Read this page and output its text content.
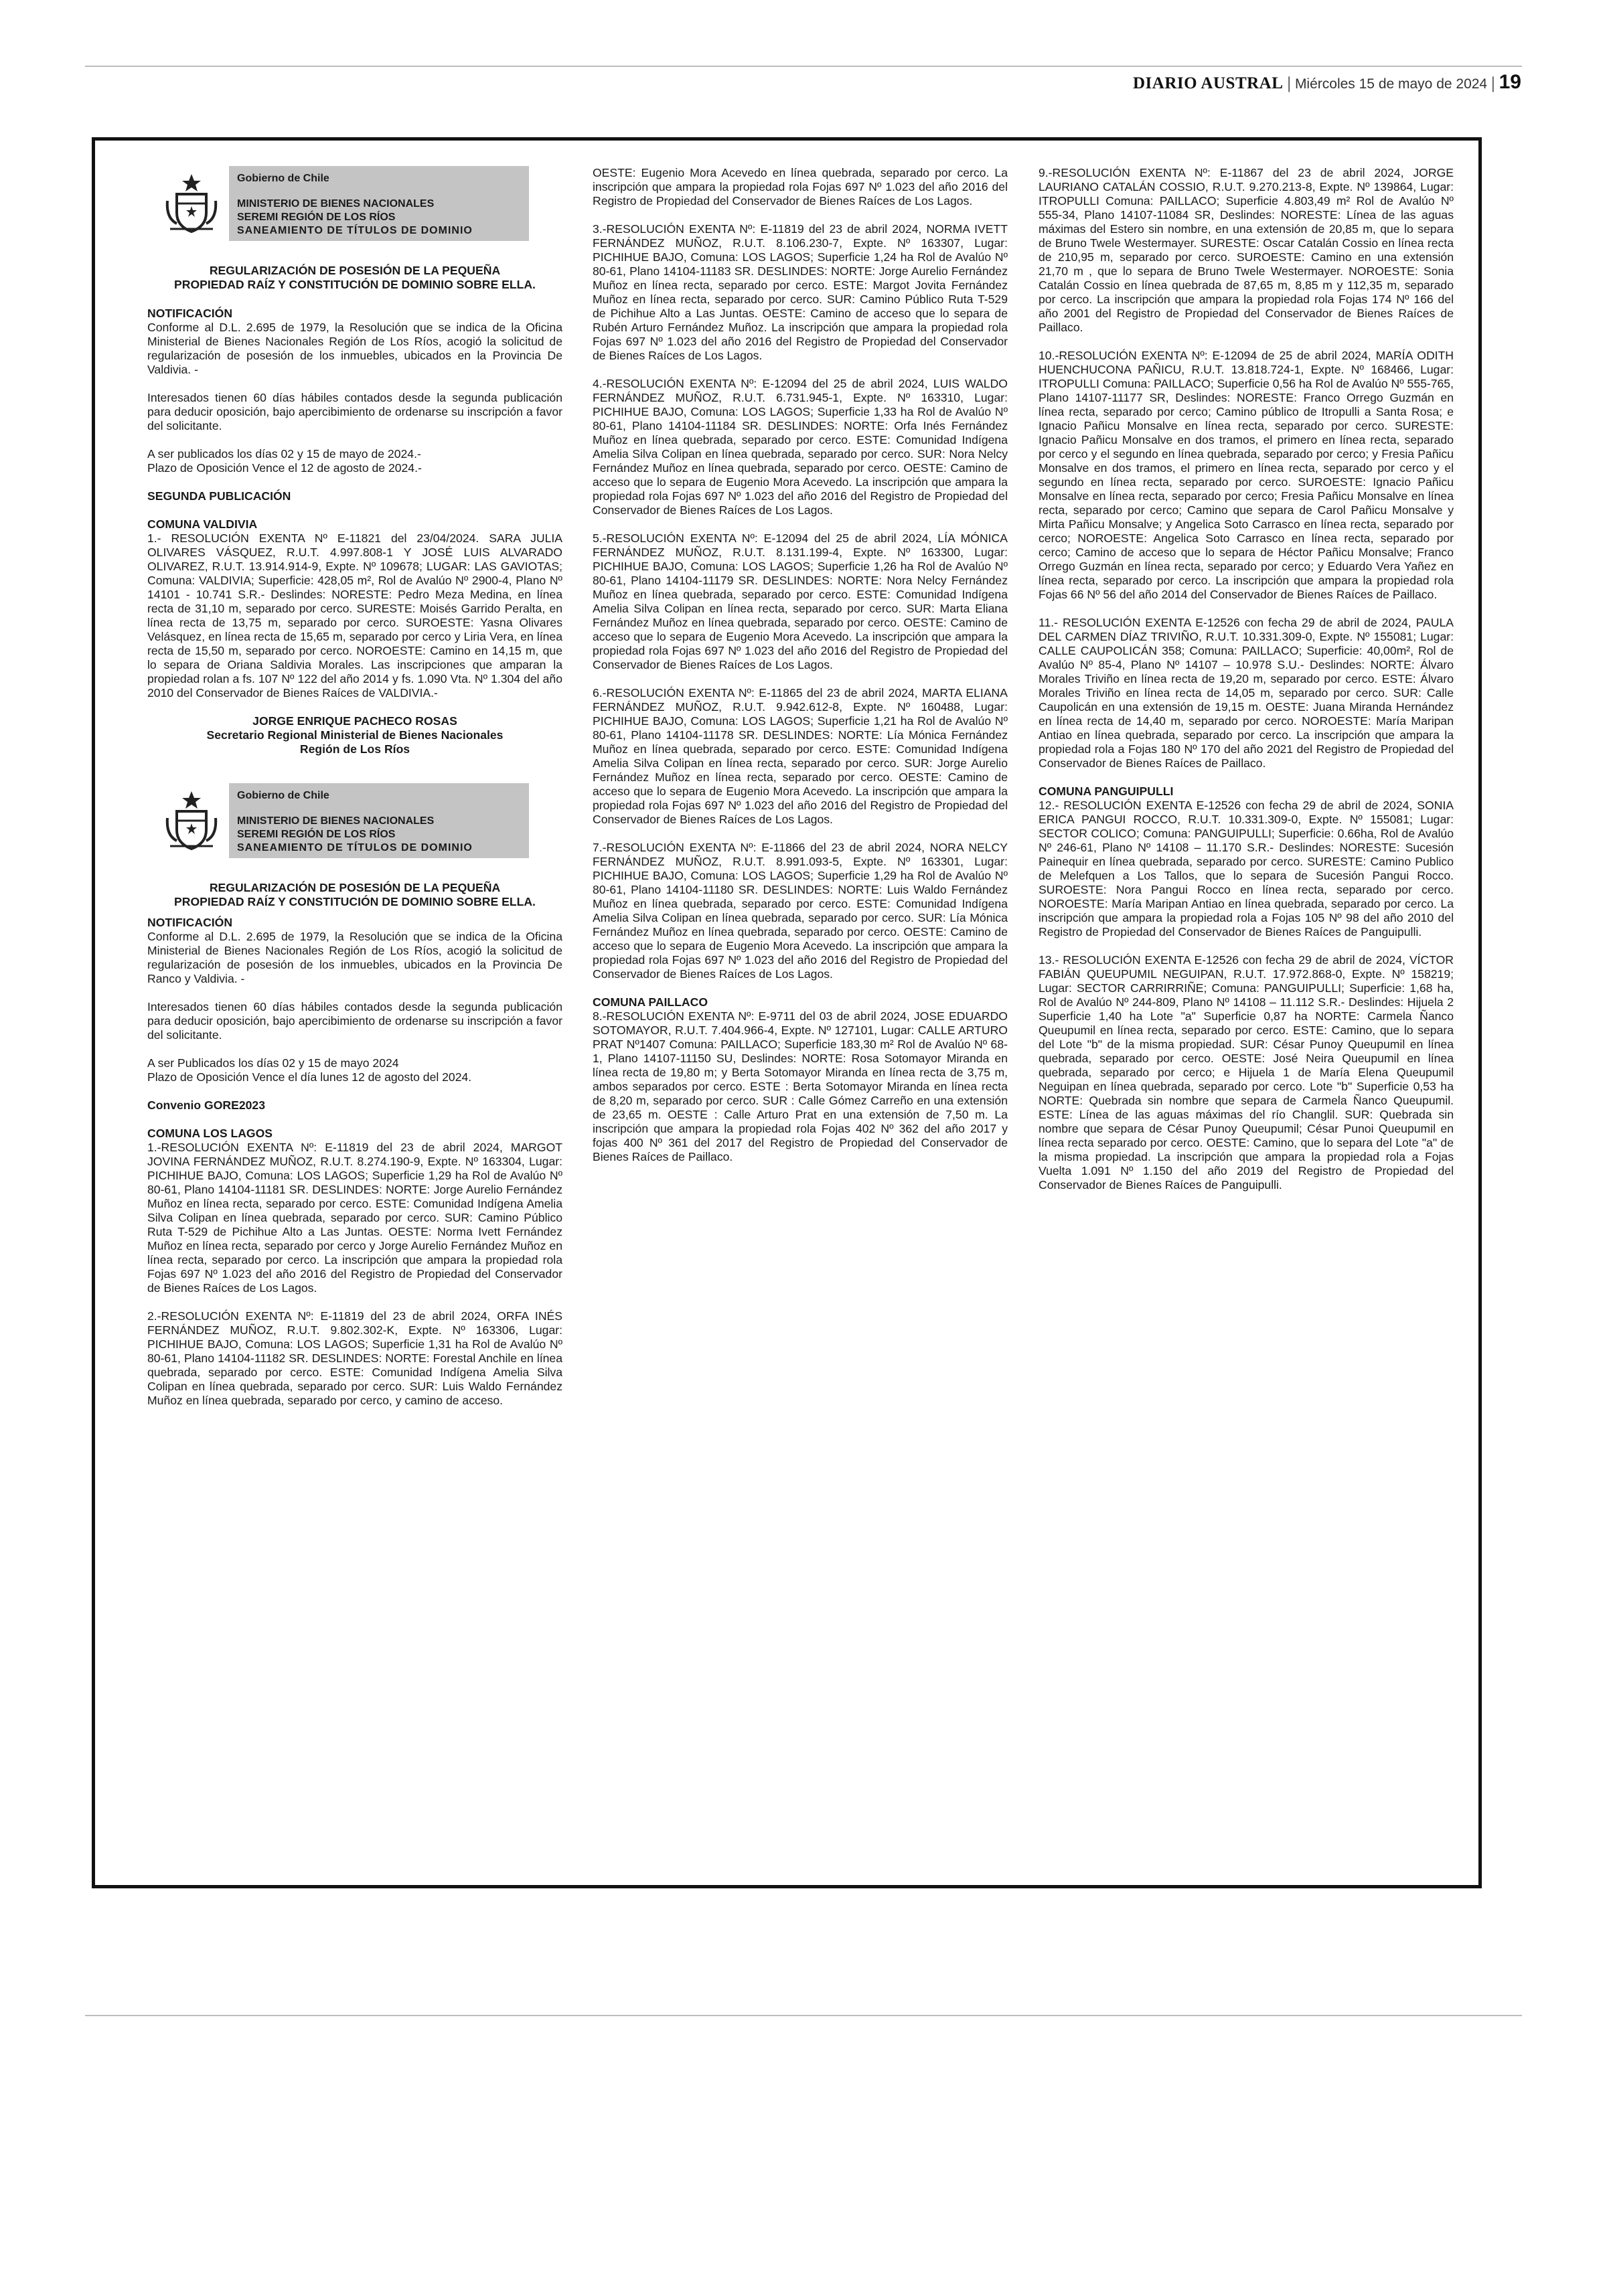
DIARIO AUSTRAL | Miércoles 15 de mayo de 2024 | 19
Gobierno de Chile
MINISTERIO DE BIENES NACIONALES
SEREMI REGIÓN DE LOS RÍOS
SANEAMIENTO DE TÍTULOS DE DOMINIO
REGULARIZACIÓN DE POSESIÓN DE LA PEQUEÑA
PROPIEDAD RAÍZ Y CONSTITUCIÓN DE DOMINIO SOBRE ELLA.
NOTIFICACIÓN

Conforme al D.L. 2.695 de 1979, la Resolución que se indica de la Oficina Ministerial de Bienes Nacionales Región de Los Ríos, acogió la solicitud de regularización de posesión de los inmuebles, ubicados en la Provincia De Valdivia. -

Interesados tienen 60 días hábiles contados desde la segunda publicación para deducir oposición, bajo apercibimiento de ordenarse su inscripción a favor del solicitante.

A ser publicados los días 02 y 15 de mayo de 2024.-

Plazo de Oposición Vence el 12 de agosto de 2024.-

SEGUNDA PUBLICACIÓN

COMUNA VALDIVIA

1.- RESOLUCIÓN EXENTA Nº E-11821 del 23/04/2024. SARA JULIA OLIVARES VÁSQUEZ, R.U.T. 4.997.808-1 Y JOSÉ LUIS ALVARADO OLIVAREZ, R.U.T. 13.914.914-9, Expte. Nº 109678; LUGAR: LAS GAVIOTAS; Comuna: VALDIVIA; Superficie: 428,05 m², Rol de Avalúo Nº 2900-4, Plano Nº 14101 - 10.741 S.R.- Deslindes: NORESTE: Pedro Meza Medina, en línea recta de 31,10 m, separado por cerco. SURESTE: Moisés Garrido Peralta, en línea recta de 13,75 m, separado por cerco. SUROESTE: Yasna Olivares Velásquez, en línea recta de 15,65 m, separado por cerco y Liria Vera, en línea recta de 15,50 m, separado por cerco. NOROESTE: Camino en 14,15 m, que lo separa de Oriana Saldivia Morales. Las inscripciones que amparan la propiedad rolan a fs. 107 Nº 122 del año 2014 y fs. 1.090 Vta. Nº 1.304 del año 2010 del Conservador de Bienes Raíces de VALDIVIA.-

JORGE ENRIQUE PACHECO ROSAS
Secretario Regional Ministerial de Bienes Nacionales
Región de Los Ríos
Gobierno de Chile
MINISTERIO DE BIENES NACIONALES
SEREMI REGIÓN DE LOS RÍOS
SANEAMIENTO DE TÍTULOS DE DOMINIO
REGULARIZACIÓN DE POSESIÓN DE LA PEQUEÑA
PROPIEDAD RAÍZ Y CONSTITUCIÓN DE DOMINIO SOBRE ELLA.
NOTIFICACIÓN

Conforme al D.L. 2.695 de 1979, la Resolución que se indica de la Oficina Ministerial de Bienes Nacionales Región de Los Ríos, acogió la solicitud de regularización de posesión de los inmuebles, ubicados en la Provincia De Ranco y Valdivia. -

Interesados tienen 60 días hábiles contados desde la segunda publicación para deducir oposición, bajo apercibimiento de ordenarse su inscripción a favor del solicitante.

A ser Publicados los días 02 y 15 de mayo 2024

Plazo de Oposición Vence el día lunes 12 de agosto del 2024.

Convenio GORE2023

COMUNA LOS LAGOS

1.-RESOLUCIÓN EXENTA Nº: E-11819 del 23 de abril 2024, MARGOT JOVINA FERNÁNDEZ MUÑOZ, R.U.T. 8.274.190-9, Expte. Nº 163304, Lugar: PICHIHUE BAJO, Comuna: LOS LAGOS; Superficie 1,29 ha Rol de Avalúo Nº 80-61, Plano 14104-11181 SR. DESLINDES: NORTE: Jorge Aurelio Fernández Muñoz en línea recta, separado por cerco. ESTE: Comunidad Indígena Amelia Silva Colipan en línea quebrada, separado por cerco. SUR: Camino Público Ruta T-529 de Pichihue Alto a Las Juntas. OESTE: Norma Ivett Fernández Muñoz en línea recta, separado por cerco y Jorge Aurelio Fernández Muñoz en línea recta, separado por cerco. La inscripción que ampara la propiedad rola Fojas 697 Nº 1.023 del año 2016 del Registro de Propiedad del Conservador de Bienes Raíces de Los Lagos.

2.-RESOLUCIÓN EXENTA Nº: E-11819 del 23 de abril 2024, ORFA INÉS FERNÁNDEZ MUÑOZ, R.U.T. 9.802.302-K, Expte. Nº 163306, Lugar: PICHIHUE BAJO, Comuna: LOS LAGOS; Superficie 1,31 ha Rol de Avalúo Nº 80-61, Plano 14104-11182 SR. DESLINDES: NORTE: Forestal Anchile en línea quebrada, separado por cerco. ESTE: Comunidad Indígena Amelia Silva Colipan en línea quebrada, separado por cerco. SUR: Luis Waldo Fernández Muñoz en línea quebrada, separado por cerco, y camino de acceso.

OESTE: Eugenio Mora Acevedo en línea quebrada, separado por cerco. La inscripción que ampara la propiedad rola Fojas 697 Nº 1.023 del año 2016 del Registro de Propiedad del Conservador de Bienes Raíces de Los Lagos.

3.-RESOLUCIÓN EXENTA Nº: E-11819 del 23 de abril 2024, NORMA IVETT FERNÁNDEZ MUÑOZ, R.U.T. 8.106.230-7, Expte. Nº 163307, Lugar: PICHIHUE BAJO, Comuna: LOS LAGOS; Superficie 1,24 ha Rol de Avalúo Nº 80-61, Plano 14104-11183 SR. DESLINDES: NORTE: Jorge Aurelio Fernández Muñoz en línea recta, separado por cerco. ESTE: Margot Jovita Fernández Muñoz en línea recta, separado por cerco. SUR: Camino Público Ruta T-529 de Pichihue Alto a Las Juntas. OESTE: Camino de acceso que lo separa de Rubén Arturo Fernández Muñoz. La inscripción que ampara la propiedad rola Fojas 697 Nº 1.023 del año 2016 del Registro de Propiedad del Conservador de Bienes Raíces de Los Lagos.

4.-RESOLUCIÓN EXENTA Nº: E-12094 del 25 de abril 2024, LUIS WALDO FERNÁNDEZ MUÑOZ, R.U.T. 6.731.945-1, Expte. Nº 163310, Lugar: PICHIHUE BAJO, Comuna: LOS LAGOS; Superficie 1,33 ha Rol de Avalúo Nº 80-61, Plano 14104-11184 SR. DESLINDES: NORTE: Orfa Inés Fernández Muñoz en línea quebrada, separado por cerco. ESTE: Comunidad Indígena Amelia Silva Colipan en línea quebrada, separado por cerco. SUR: Nora Nelcy Fernández Muñoz en línea quebrada, separado por cerco. OESTE: Camino de acceso que lo separa de Eugenio Mora Acevedo. La inscripción que ampara la propiedad rola Fojas 697 Nº 1.023 del año 2016 del Registro de Propiedad del Conservador de Bienes Raíces de Los Lagos.

5.-RESOLUCIÓN EXENTA Nº: E-12094 del 25 de abril 2024, LÍA MÓNICA FERNÁNDEZ MUÑOZ, R.U.T. 8.131.199-4, Expte. Nº 163300, Lugar: PICHIHUE BAJO, Comuna: LOS LAGOS; Superficie 1,26 ha Rol de Avalúo Nº 80-61, Plano 14104-11179 SR. DESLINDES: NORTE: Nora Nelcy Fernández Muñoz en línea quebrada, separado por cerco. ESTE: Comunidad Indígena Amelia Silva Colipan en línea recta, separado por cerco. SUR: Marta Eliana Fernández Muñoz en línea quebrada, separado por cerco. OESTE: Camino de acceso que lo separa de Eugenio Mora Acevedo. La inscripción que ampara la propiedad rola Fojas 697 Nº 1.023 del año 2016 del Registro de Propiedad del Conservador de Bienes Raíces de Los Lagos.

6.-RESOLUCIÓN EXENTA Nº: E-11865 del 23 de abril 2024, MARTA ELIANA FERNÁNDEZ MUÑOZ, R.U.T. 9.942.612-8, Expte. Nº 160488, Lugar: PICHIHUE BAJO, Comuna: LOS LAGOS; Superficie 1,21 ha Rol de Avalúo Nº 80-61, Plano 14104-11178 SR. DESLINDES: NORTE: Lía Mónica Fernández Muñoz en línea quebrada, separado por cerco. ESTE: Comunidad Indígena Amelia Silva Colipan en línea recta, separado por cerco. SUR: Jorge Aurelio Fernández Muñoz en línea recta, separado por cerco. OESTE: Camino de acceso que lo separa de Eugenio Mora Acevedo. La inscripción que ampara la propiedad rola Fojas 697 Nº 1.023 del año 2016 del Registro de Propiedad del Conservador de Bienes Raíces de Los Lagos.

7.-RESOLUCIÓN EXENTA Nº: E-11866 del 23 de abril 2024, NORA NELCY FERNÁNDEZ MUÑOZ, R.U.T. 8.991.093-5, Expte. Nº 163301, Lugar: PICHIHUE BAJO, Comuna: LOS LAGOS; Superficie 1,29 ha Rol de Avalúo Nº 80-61, Plano 14104-11180 SR. DESLINDES: NORTE: Luis Waldo Fernández Muñoz en línea quebrada, separado por cerco. ESTE: Comunidad Indígena Amelia Silva Colipan en línea quebrada, separado por cerco. SUR: Lía Mónica Fernández Muñoz en línea quebrada, separado por cerco. OESTE: Camino de acceso que lo separa de Eugenio Mora Acevedo. La inscripción que ampara la propiedad rola Fojas 697 Nº 1.023 del año 2016 del Registro de Propiedad del Conservador de Bienes Raíces de Los Lagos.

COMUNA PAILLACO

8.-RESOLUCIÓN EXENTA Nº: E-9711 del 03 de abril 2024, JOSE EDUARDO SOTOMAYOR, R.U.T. 7.404.966-4, Expte. Nº 127101, Lugar: CALLE ARTURO PRAT Nº1407 Comuna: PAILLACO; Superficie 183,30 m² Rol de Avalúo Nº 68-1, Plano 14107-11150 SU, Deslindes: NORTE: Rosa Sotomayor Miranda en línea recta de 19,80 m; y Berta Sotomayor Miranda en línea recta de 3,75 m, ambos separados por cerco. ESTE : Berta Sotomayor Miranda en línea recta de 8,20 m, separado por cerco. SUR : Calle Gómez Carreño en una extensión de 23,65 m. OESTE : Calle Arturo Prat en una extensión de 7,50 m. La inscripción que ampara la propiedad rola Fojas 402 Nº 362 del año 2017 y fojas 400 Nº 361 del 2017 del Registro de Propiedad del Conservador de Bienes Raíces de Paillaco.

9.-RESOLUCIÓN EXENTA Nº: E-11867 del 23 de abril 2024, JORGE LAURIANO CATALÁN COSSIO, R.U.T. 9.270.213-8, Expte. Nº 139864, Lugar: ITROPULLI Comuna: PAILLACO; Superficie 4.803,49 m² Rol de Avalúo Nº 555-34, Plano 14107-11084 SR, Deslindes: NORESTE: Línea de las aguas máximas del Estero sin nombre, en una extensión de 20,85 m, que lo separa de Bruno Twele Westermayer. SURESTE: Oscar Catalán Cossio en línea recta de 210,95 m, separado por cerco. SUROESTE: Camino en una extensión 21,70 m , que lo separa de Bruno Twele Westermayer. NOROESTE: Sonia Catalán Cossio en línea quebrada de 87,65 m, 8,85 m y 112,35 m, separado por cerco. La inscripción que ampara la propiedad rola Fojas 174 Nº 166 del año 2001 del Registro de Propiedad del Conservador de Bienes Raíces de Paillaco.

10.-RESOLUCIÓN EXENTA Nº: E-12094 de 25 de abril 2024, MARÍA ODITH HUENCHUCONA PAÑICU, R.U.T. 13.818.724-1, Expte. Nº 168466, Lugar: ITROPULLI Comuna: PAILLACO; Superficie 0,56 ha Rol de Avalúo Nº 555-765, Plano 14107-11177 SR, Deslindes: NORESTE: Franco Orrego Guzmán en línea recta, separado por cerco; Camino público de Itropulli a Santa Rosa; e Ignacio Pañicu Monsalve en línea recta, separado por cerco. SURESTE: Ignacio Pañicu Monsalve en dos tramos, el primero en línea recta, separado por cerco y el segundo en línea quebrada, separado por cerco; y Fresia Pañicu Monsalve en dos tramos, el primero en línea recta, separado por cerco y el segundo en línea recta, separado por cerco. SUROESTE: Ignacio Pañicu Monsalve en línea recta, separado por cerco; Fresia Pañicu Monsalve en línea recta, separado por cerco; Camino que separa de Carol Pañicu Monsalve y Mirta Pañicu Monsalve; y Angelica Soto Carrasco en línea recta, separado por cerco; NOROESTE: Angelica Soto Carrasco en línea recta, separado por cerco; Camino de acceso que lo separa de Héctor Pañicu Monsalve; Franco Orrego Guzmán en línea recta, separado por cerco; y Eduardo Vera Yañez en línea recta, separado por cerco. La inscripción que ampara la propiedad rola Fojas 66 Nº 56 del año 2014 del Conservador de Bienes Raíces de Paillaco.

11.- RESOLUCIÓN EXENTA E-12526 con fecha 29 de abril de 2024, PAULA DEL CARMEN DÍAZ TRIVIÑO, R.U.T. 10.331.309-0, Expte. Nº 155081; Lugar: CALLE CAUPOLICÁN 358; Comuna: PAILLACO; Superficie: 40,00m², Rol de Avalúo Nº 85-4, Plano Nº 14107 – 10.978 S.U.- Deslindes: NORTE: Álvaro Morales Triviño en línea recta de 19,20 m, separado por cerco. ESTE: Álvaro Morales Triviño en línea recta de 14,05 m, separado por cerco. SUR: Calle Caupolicán en una extensión de 19,15 m. OESTE: Juana Miranda Hernández en línea recta de 14,40 m, separado por cerco. NOROESTE: María Maripan Antiao en línea quebrada, separado por cerco. La inscripción que ampara la propiedad rola a Fojas 180 Nº 170 del año 2021 del Registro de Propiedad del Conservador de Bienes Raíces de Paillaco.

COMUNA PANGUIPULLI

12.- RESOLUCIÓN EXENTA E-12526 con fecha 29 de abril de 2024, SONIA ERICA PANGUI ROCCO, R.U.T. 10.331.309-0, Expte. Nº 155081; Lugar: SECTOR COLICO; Comuna: PANGUIPULLI; Superficie: 0.66ha, Rol de Avalúo Nº 246-61, Plano Nº 14108 – 11.170 S.R.- Deslindes: NORESTE: Sucesión Painequir en línea quebrada, separado por cerco. SURESTE: Camino Publico de Melefquen a Los Tallos, que lo separa de Sucesión Pangui Rocco. SUROESTE: Nora Pangui Rocco en línea recta, separado por cerco. NOROESTE: María Maripan Antiao en línea quebrada, separado por cerco. La inscripción que ampara la propiedad rola a Fojas 105 Nº 98 del año 2010 del Registro de Propiedad del Conservador de Bienes Raíces de Panguipulli.

13.- RESOLUCIÓN EXENTA E-12526 con fecha 29 de abril de 2024, VÍCTOR FABIÁN QUEUPUMIL NEGUIPAN, R.U.T. 17.972.868-0, Expte. Nº 158219; Lugar: SECTOR CARRIRRIÑE; Comuna: PANGUIPULLI; Superficie: 1,68 ha, Rol de Avalúo Nº 244-809, Plano Nº 14108 – 11.112 S.R.- Deslindes: Hijuela 2 Superficie 1,40 ha Lote "a" Superficie 0,87 ha NORTE: Carmela Ñanco Queupumil en línea recta, separado por cerco. ESTE: Camino, que lo separa del Lote "b" de la misma propiedad. SUR: César Punoy Queupumil en línea quebrada, separado por cerco. OESTE: José Neira Queupumil en línea quebrada, separado por cerco; e Hijuela 1 de María Elena Queupumil Neguipan en línea quebrada, separado por cerco. Lote "b" Superficie 0,53 ha NORTE: Quebrada sin nombre que separa de Carmela Ñanco Queupumil. ESTE: Línea de las aguas máximas del río Changlil. SUR: Quebrada sin nombre que separa de César Punoy Queupumil; César Punoi Queupumil en línea recta separado por cerco. OESTE: Camino, que lo separa del Lote "a" de la misma propiedad. La inscripción que ampara la propiedad rola a Fojas Vuelta 1.091 Nº 1.150 del año 2019 del Registro de Propiedad del Conservador de Bienes Raíces de Panguipulli.
